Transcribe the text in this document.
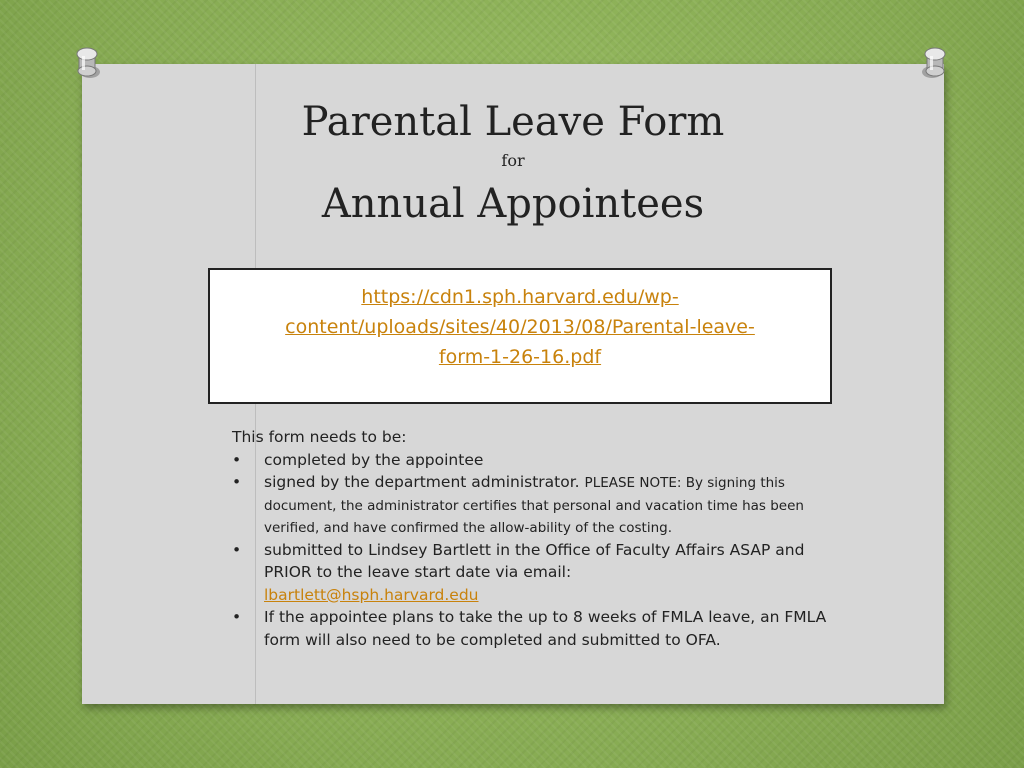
Parental Leave Form
for
Annual Appointees
https://cdn1.sph.harvard.edu/wp-
content/uploads/sites/40/2013/08/Parental-leave-
form-1-26-16.pdf
This form needs to be:
• completed by the appointee
• signed by the department administrator. PLEASE NOTE: By signing this document, the administrator certifies that personal and vacation time has been verified, and have confirmed the allow-ability of the costing.
• submitted to Lindsey Bartlett in the Office of Faculty Affairs ASAP and PRIOR to the leave start date via email:
lbartlett@hsph.harvard.edu
• If the appointee plans to take the up to 8 weeks of FMLA leave, an FMLA form will also need to be completed and submitted to OFA.
